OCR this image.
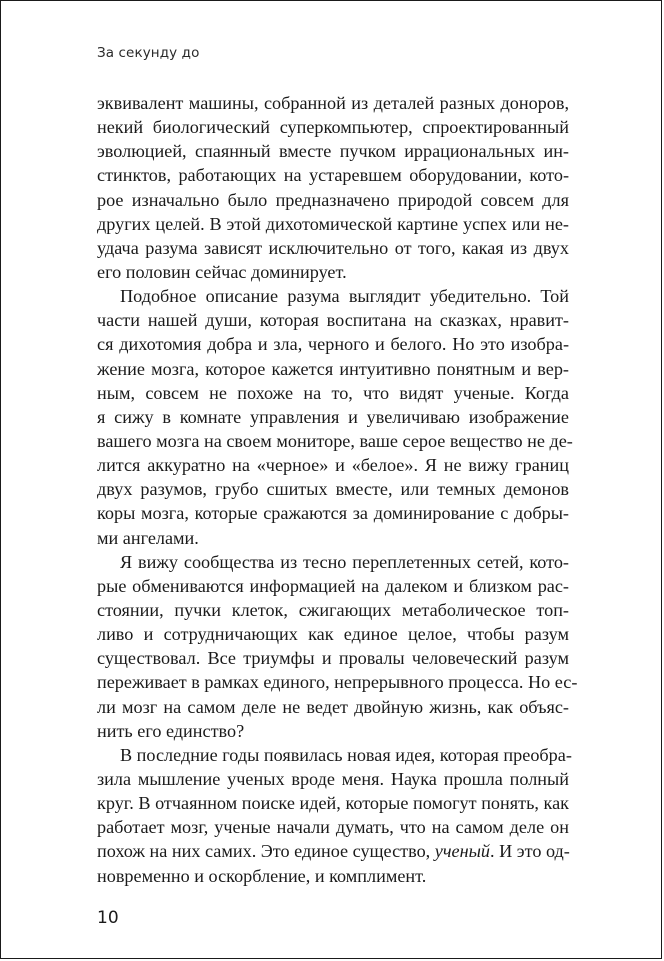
За секунду до
эквивалент машины, собранной из деталей разных доноров,
некий биологический суперкомпьютер, спроектированный
эволюцией, спаянный вместе пучком иррациональных ин-
стинктов, работающих на устаревшем оборудовании, кото-
рое изначально было предназначено природой совсем для
других целей. В этой дихотомической картине успех или не-
удача разума зависят исключительно от того, какая из двух
его половин сейчас доминирует.
Подобное описание разума выглядит убедительно. Той
части нашей души, которая воспитана на сказках, нравит-
ся дихотомия добра и зла, черного и белого. Но это изобра-
жение мозга, которое кажется интуитивно понятным и вер-
ным, совсем не похоже на то, что видят ученые. Когда
я сижу в комнате управления и увеличиваю изображение
вашего мозга на своем мониторе, ваше серое вещество не де-
лится аккуратно на «черное» и «белое». Я не вижу границ
двух разумов, грубо сшитых вместе, или темных демонов
коры мозга, которые сражаются за доминирование с добры-
ми ангелами.
Я вижу сообщества из тесно переплетенных сетей, кото-
рые обмениваются информацией на далеком и близком рас-
стоянии, пучки клеток, сжигающих метаболическое топ-
ливо и сотрудничающих как единое целое, чтобы разум
существовал. Все триумфы и провалы человеческий разум
переживает в рамках единого, непрерывного процесса. Но ес-
ли мозг на самом деле не ведет двойную жизнь, как объяс-
нить его единство?
В последние годы появилась новая идея, которая преобра-
зила мышление ученых вроде меня. Наука прошла полный
круг. В отчаянном поиске идей, которые помогут понять, как
работает мозг, ученые начали думать, что на самом деле он
похож на них самих. Это единое существо, ученый. И это од-
новременно и оскорбление, и комплимент.
10
